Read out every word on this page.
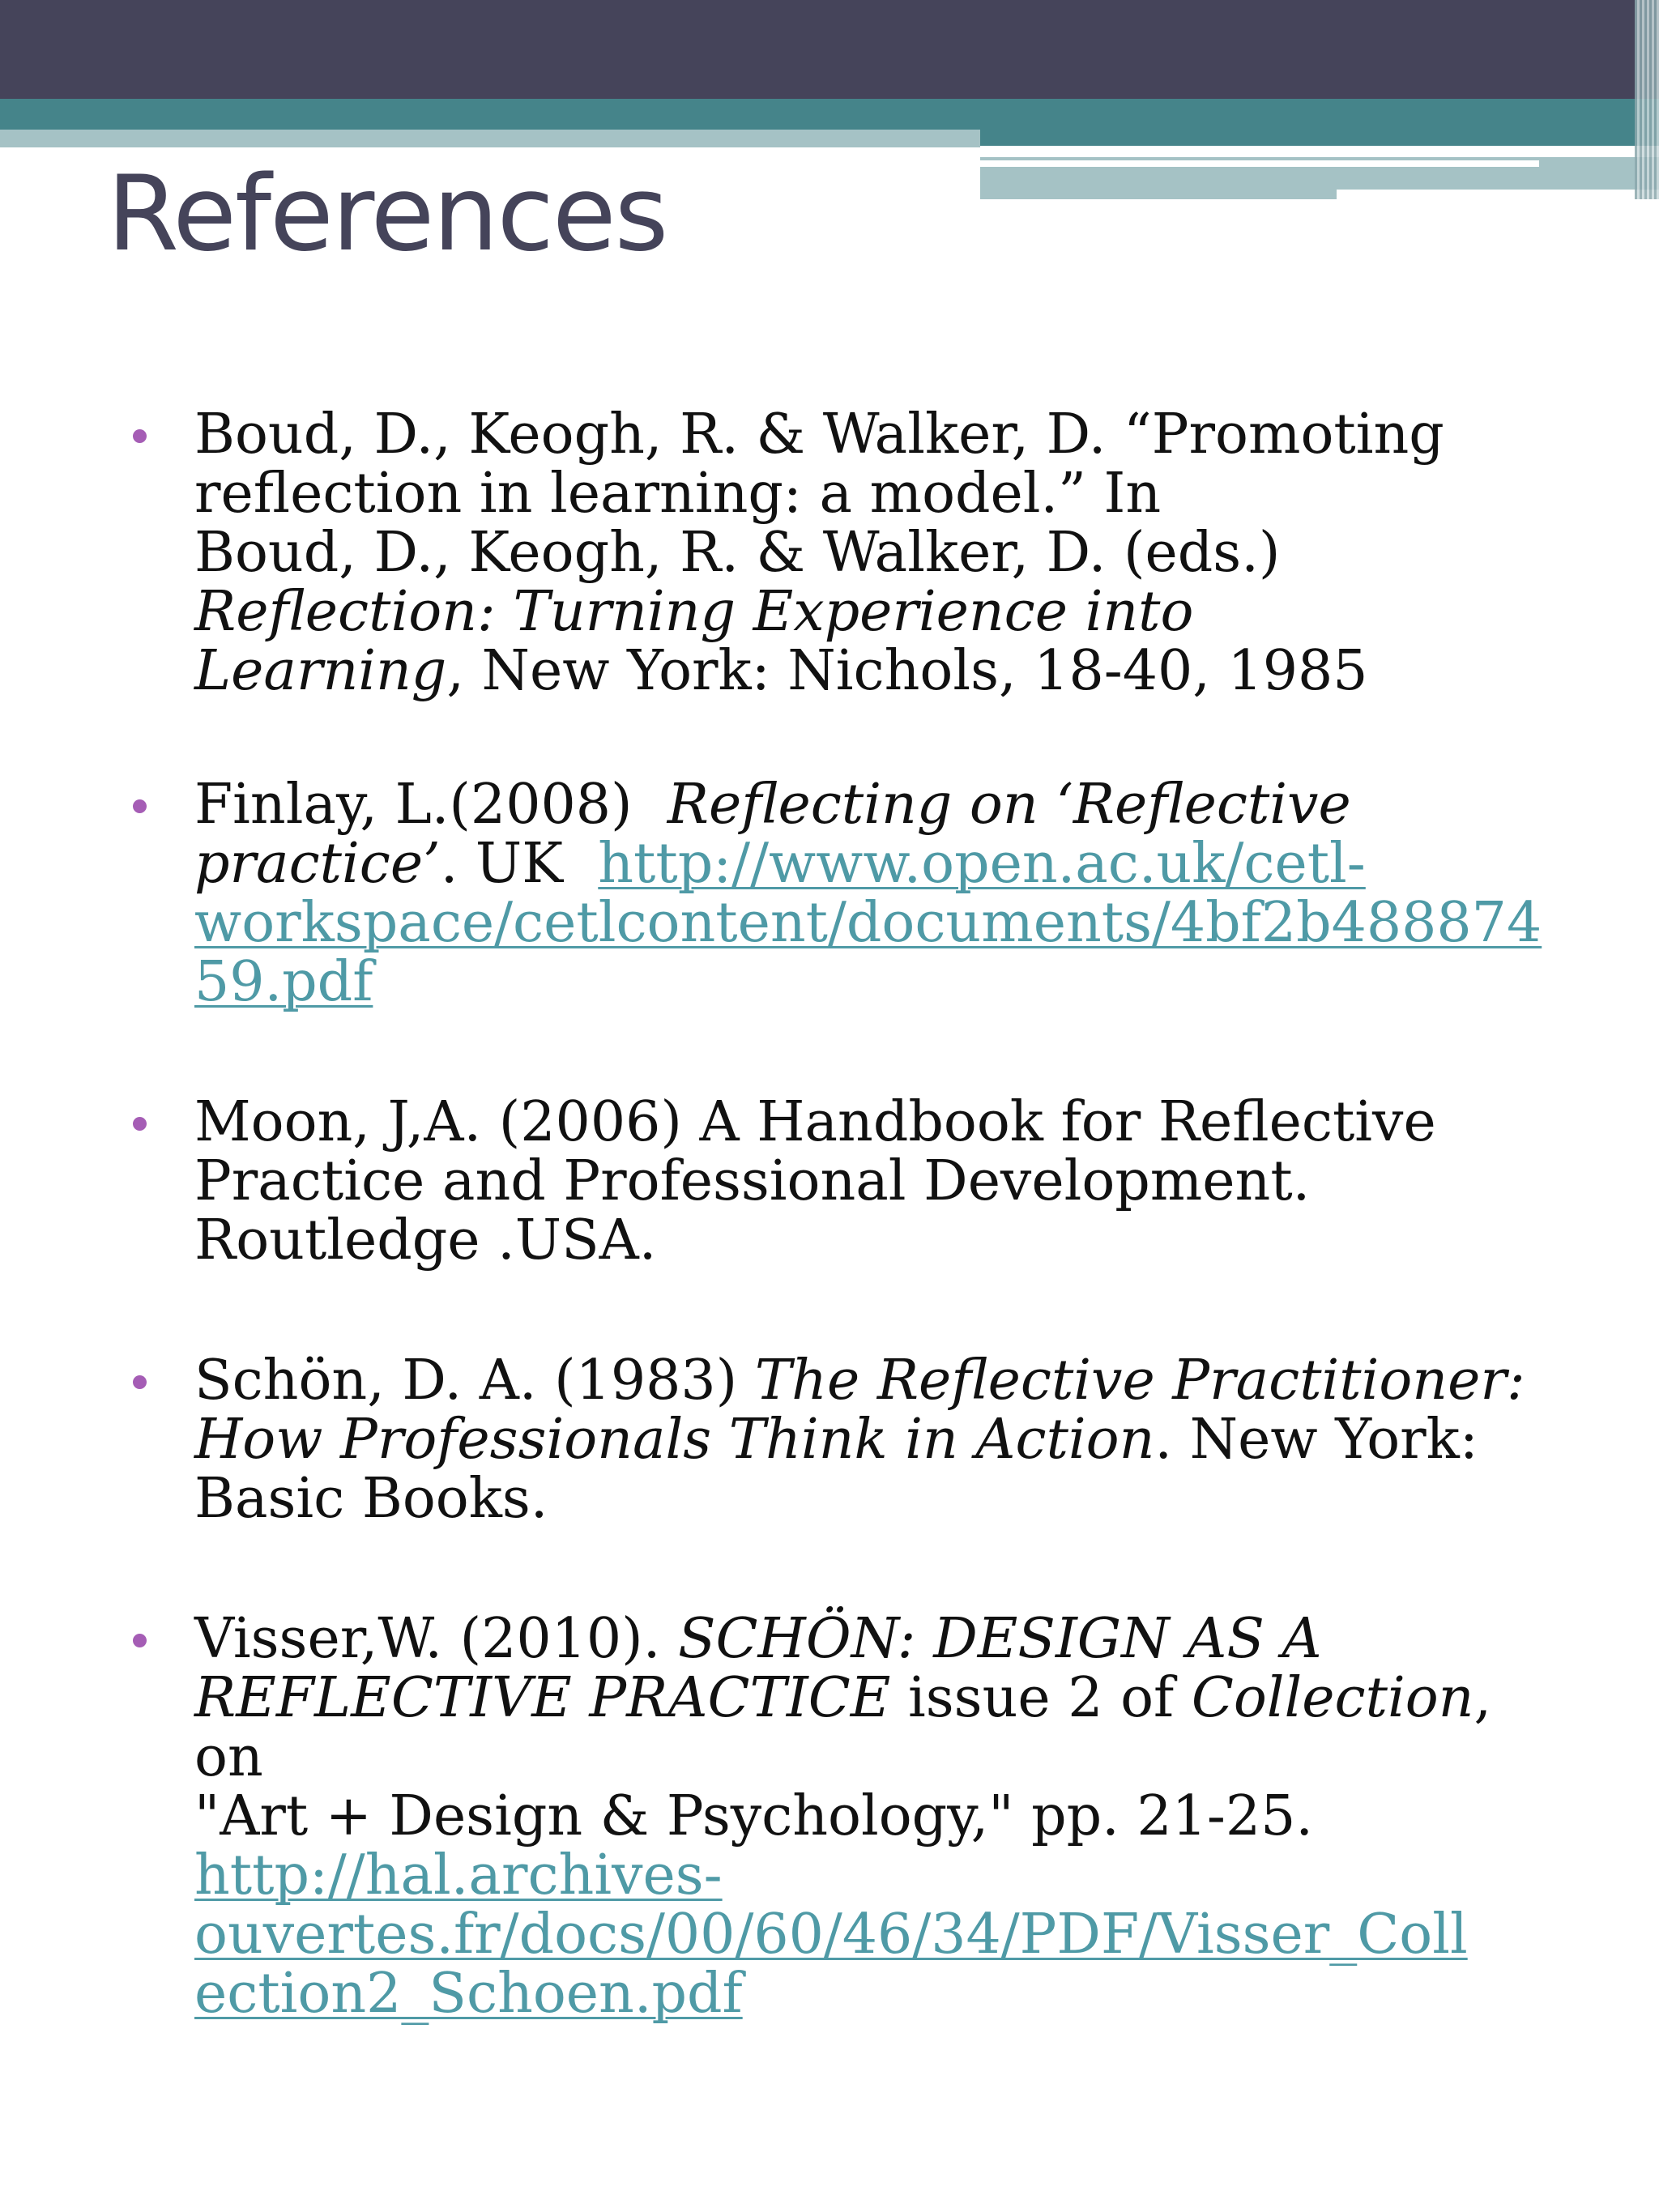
References
Boud, D., Keogh, R. & Walker, D. “Promoting
reflection in learning: a model.” In
Boud, D., Keogh, R. & Walker, D. (eds.)
Reflection: Turning Experience into
Learning, New York: Nichols, 18-40, 1985
Finlay, L.(2008)  Reflecting on ‘Reflective
practice’. UK  http://www.open.ac.uk/cetl-
workspace/cetlcontent/documents/4bf2b488874
59.pdf
Moon, J,A. (2006) A Handbook for Reflective
Practice and Professional Development.
Routledge .USA.
Schön, D. A. (1983) The Reflective Practitioner:
How Professionals Think in Action. New York:
Basic Books.
Visser,W. (2010). SCHÖN: DESIGN AS A
REFLECTIVE PRACTICE issue 2 of Collection, on
"Art + Design & Psychology," pp. 21-25.
http://hal.archives-
ouvertes.fr/docs/00/60/46/34/PDF/Visser_Coll
ection2_Schoen.pdf
